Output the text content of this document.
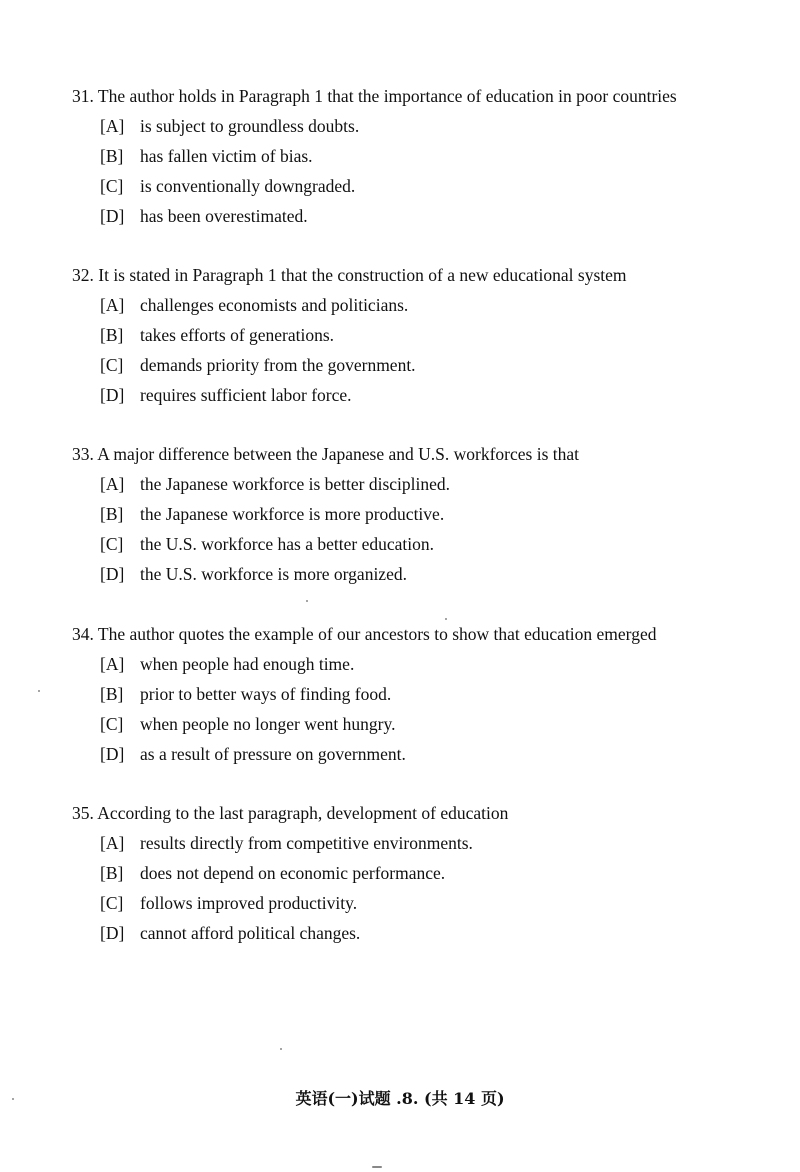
31. The author holds in Paragraph 1 that the importance of education in poor countries
[A] is subject to groundless doubts.
[B] has fallen victim of bias.
[C] is conventionally downgraded.
[D] has been overestimated.
32. It is stated in Paragraph 1 that the construction of a new educational system
[A] challenges economists and politicians.
[B] takes efforts of generations.
[C] demands priority from the government.
[D] requires sufficient labor force.
33. A major difference between the Japanese and U.S. workforces is that
[A] the Japanese workforce is better disciplined.
[B] the Japanese workforce is more productive.
[C] the U.S. workforce has a better education.
[D] the U.S. workforce is more organized.
34. The author quotes the example of our ancestors to show that education emerged
[A] when people had enough time.
[B] prior to better ways of finding food.
[C] when people no longer went hungry.
[D] as a result of pressure on government.
35. According to the last paragraph, development of education
[A] results directly from competitive environments.
[B] does not depend on economic performance.
[C] follows improved productivity.
[D] cannot afford political changes.
英语(一)试题 .8. (共 14 页)
